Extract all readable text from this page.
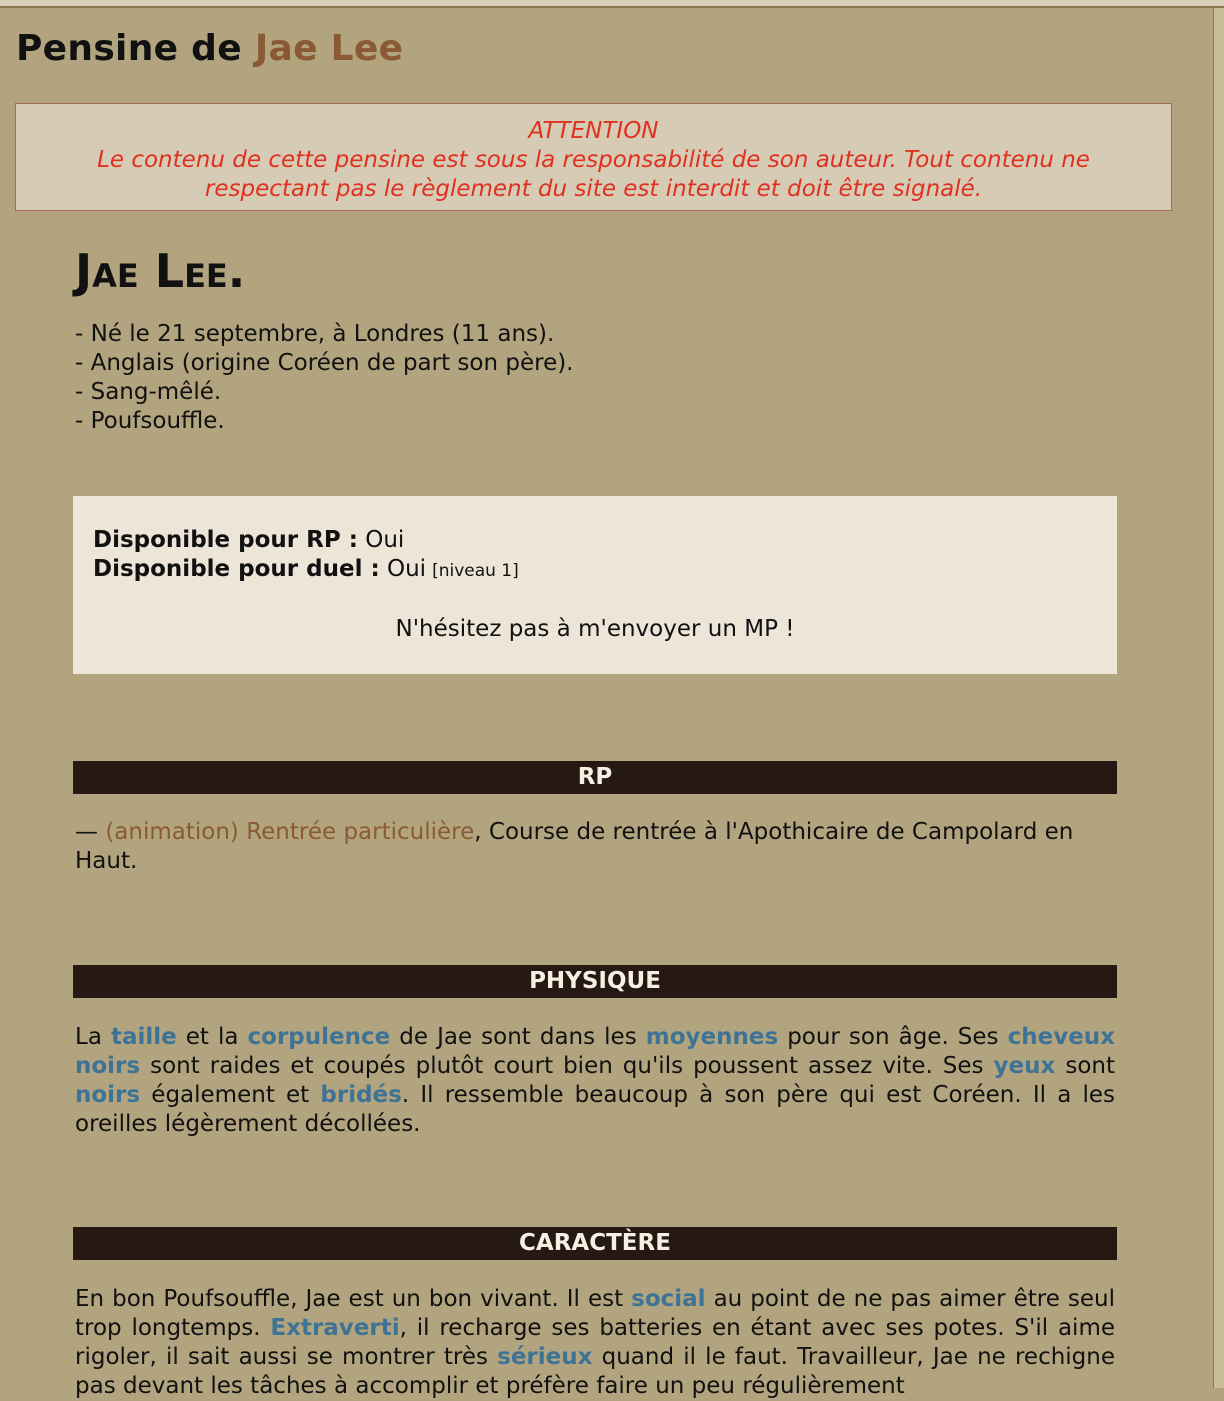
Pensine de Jae Lee
ATTENTION
Le contenu de cette pensine est sous la responsabilité de son auteur. Tout contenu ne
respectant pas le règlement du site est interdit et doit être signalé.
Jae Lee.
- Né le 21 septembre, à Londres (11 ans).
- Anglais (origine Coréen de part son père).
- Sang-mêlé.
- Poufsouffle.
Disponible pour RP : Oui
Disponible pour duel : Oui [niveau 1]
N'hésitez pas à m'envoyer un MP !
RP
— (animation) Rentrée particulière, Course de rentrée à l'Apothicaire de Campolard en Haut.
PHYSIQUE
La taille et la corpulence de Jae sont dans les moyennes pour son âge. Ses cheveux noirs sont raides et coupés plutôt court bien qu'ils poussent assez vite. Ses yeux sont noirs également et bridés. Il ressemble beaucoup à son père qui est Coréen. Il a les oreilles légèrement décollées.
CARACTÈRE
En bon Poufsouffle, Jae est un bon vivant. Il est social au point de ne pas aimer être seul trop longtemps. Extraverti, il recharge ses batteries en étant avec ses potes. S'il aime rigoler, il sait aussi se montrer très sérieux quand il le faut. Travailleur, Jae ne rechigne pas devant les tâches à accomplir et préfère faire un peu régulièrement
